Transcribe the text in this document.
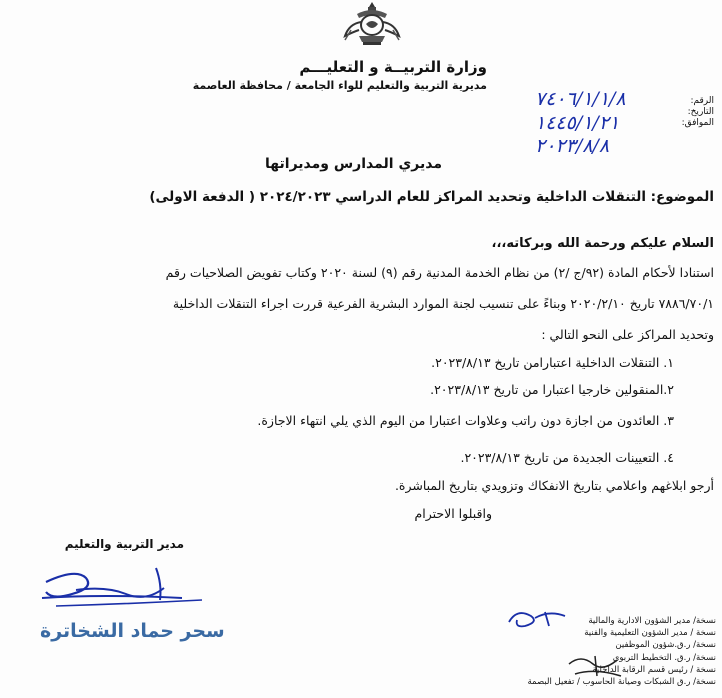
وزارة التربيــة و التعليـــم
مديرية التربية والتعليم للواء الجامعة / محافظة العاصمة
الرقم:
التاريخ:
الموافق:
٧٤٠٦/١/١/٨
١٤٤٥/١/٢١
٢٠٢٣/٨/٨
مديري المدارس ومديراتها
الموضوع: التنقلات الداخلية وتحديد المراكز للعام الدراسي ٢٠٢٤/٢٠٢٣ ( الدفعة الاولى)
السلام عليكم ورحمة الله وبركاته،،،
استنادا لأحكام المادة (٩٢/ج /٢) من نظام الخدمة المدنية رقم (٩) لسنة ٢٠٢٠ وكتاب تفويض الصلاحيات رقم
٧٨٨٦/٧٠/١ تاريخ ٢٠٢٠/٢/١٠ وبناءً على تنسيب لجنة الموارد البشرية الفرعية قررت اجراء التنقلات الداخلية
وتحديد المراكز على النحو التالي :
١. التنقلات الداخلية اعتبارامن تاريخ ٢٠٢٣/٨/١٣.
٢.المنقولين خارجيا اعتبارا من تاريخ ٢٠٢٣/٨/١٣.
٣. العائدون من اجازة دون راتب وعلاوات اعتبارا من اليوم الذي يلي انتهاء الاجازة.
٤. التعيينات الجديدة من تاريخ ٢٠٢٣/٨/١٣.
أرجو ابلاغهم واعلامي بتاريخ الانفكاك وتزويدي بتاريخ المباشرة.
واقبلوا الاحترام
مدير التربية والتعليم
سحر حماد الشخاترة	نسخة/ مدير الشؤون الادارية والمالية
نسخة / مدير الشؤون التعليمية والفنية
نسخة/ ر.ق.شؤون الموظفين
نسخة/ ر.ق. التخطيط التربوي
نسخة / رئيس قسم الرقابة الداخلية
نسخة/ ر.ق الشبكات وصيانة الحاسوب / تفعيل البصمة
